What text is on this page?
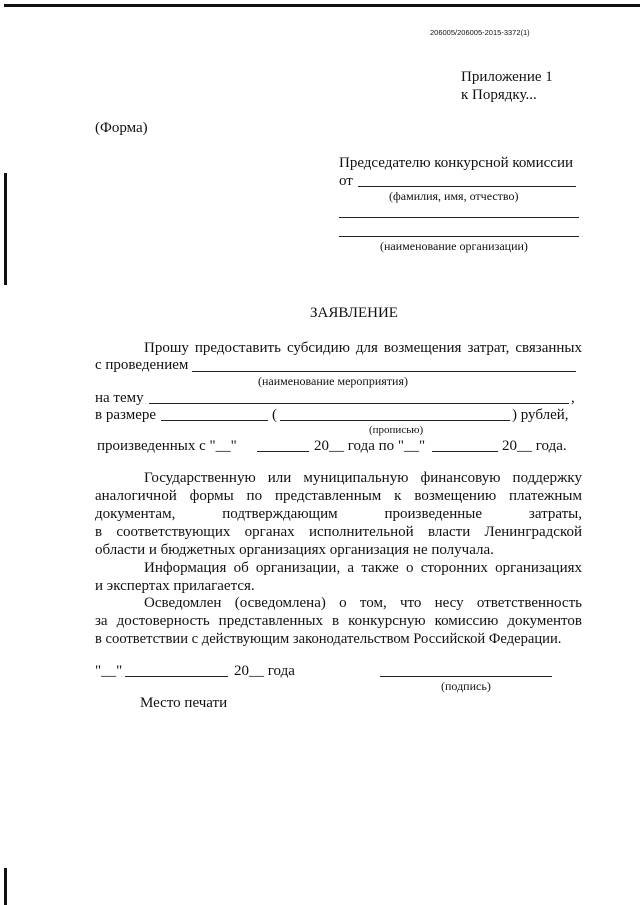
206005/206005-2015-3372(1)
Приложение 1
к Порядку...
(Форма)
Председателю конкурсной комиссии
от
(фамилия, имя, отчество)
(наименование организации)
ЗАЯВЛЕНИЕ
Прошу предоставить субсидию для возмещения затрат, связанных
с проведением
(наименование мероприятия)
на тему	,
в размере	(	) рублей,
(прописью)
произведенных с "__"	20__ года по "__"	20__ года.
Государственную или муниципальную финансовую поддержку
аналогичной формы по представленным к возмещению платежным
документам, подтверждающим произведенные затраты,
в соответствующих органах исполнительной власти Ленинградской
области и бюджетных организациях организация не получала.
Информация об организации, а также о сторонних организациях
и экспертах прилагается.
Осведомлен (осведомлена) о том, что несу ответственность
за достоверность представленных в конкурсную комиссию документов
в соответствии с действующим законодательством Российской Федерации.
"__"	20__ года
(подпись)
Место печати
